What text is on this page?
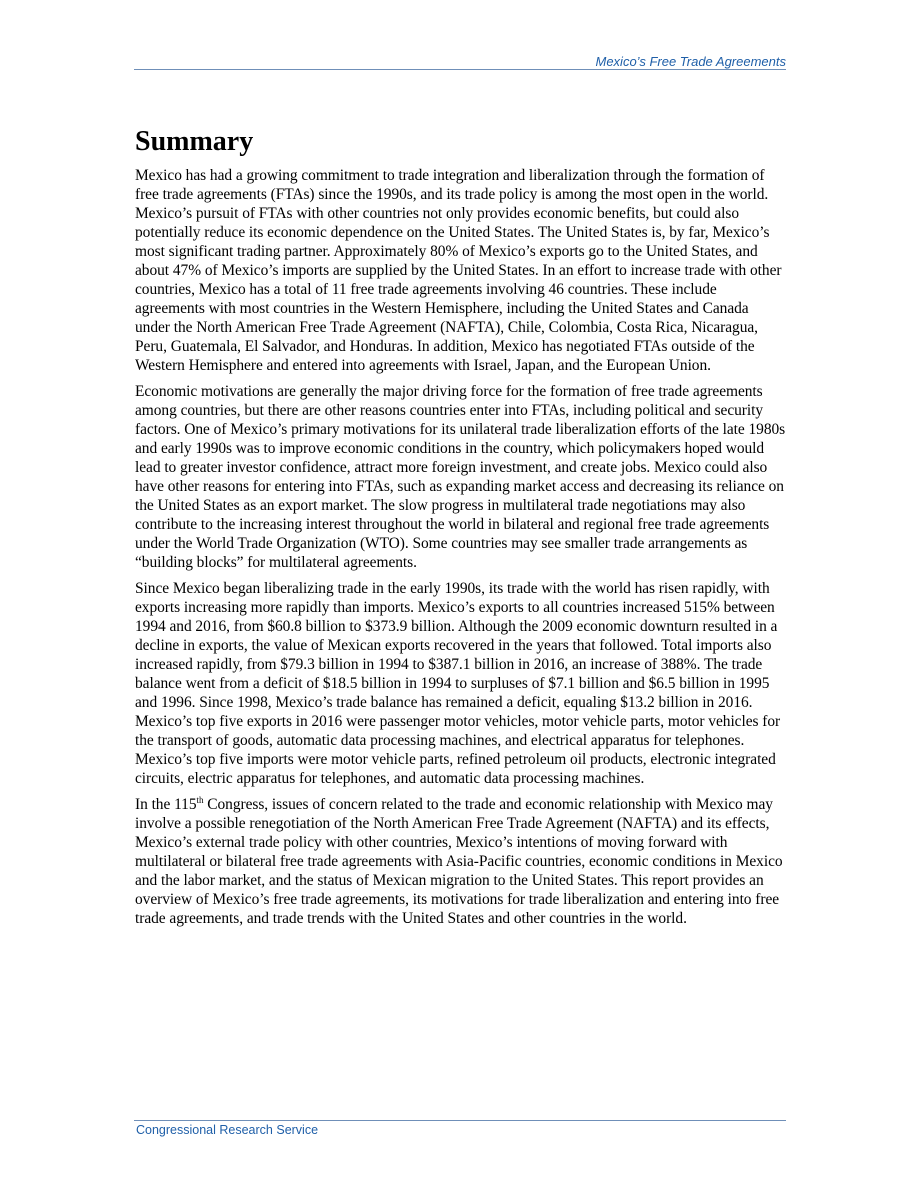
Mexico’s Free Trade Agreements
Summary

Mexico has had a growing commitment to trade integration and liberalization through the formation of free trade agreements (FTAs) since the 1990s, and its trade policy is among the most open in the world. Mexico’s pursuit of FTAs with other countries not only provides economic benefits, but could also potentially reduce its economic dependence on the United States. The United States is, by far, Mexico’s most significant trading partner. Approximately 80% of Mexico’s exports go to the United States, and about 47% of Mexico’s imports are supplied by the United States. In an effort to increase trade with other countries, Mexico has a total of 11 free trade agreements involving 46 countries. These include agreements with most countries in the Western Hemisphere, including the United States and Canada under the North American Free Trade Agreement (NAFTA), Chile, Colombia, Costa Rica, Nicaragua, Peru, Guatemala, El Salvador, and Honduras. In addition, Mexico has negotiated FTAs outside of the Western Hemisphere and entered into agreements with Israel, Japan, and the European Union.

Economic motivations are generally the major driving force for the formation of free trade agreements among countries, but there are other reasons countries enter into FTAs, including political and security factors. One of Mexico’s primary motivations for its unilateral trade liberalization efforts of the late 1980s and early 1990s was to improve economic conditions in the country, which policymakers hoped would lead to greater investor confidence, attract more foreign investment, and create jobs. Mexico could also have other reasons for entering into FTAs, such as expanding market access and decreasing its reliance on the United States as an export market. The slow progress in multilateral trade negotiations may also contribute to the increasing interest throughout the world in bilateral and regional free trade agreements under the World Trade Organization (WTO). Some countries may see smaller trade arrangements as “building blocks” for multilateral agreements.

Since Mexico began liberalizing trade in the early 1990s, its trade with the world has risen rapidly, with exports increasing more rapidly than imports. Mexico’s exports to all countries increased 515% between 1994 and 2016, from $60.8 billion to $373.9 billion. Although the 2009 economic downturn resulted in a decline in exports, the value of Mexican exports recovered in the years that followed. Total imports also increased rapidly, from $79.3 billion in 1994 to $387.1 billion in 2016, an increase of 388%. The trade balance went from a deficit of $18.5 billion in 1994 to surpluses of $7.1 billion and $6.5 billion in 1995 and 1996. Since 1998, Mexico’s trade balance has remained a deficit, equaling $13.2 billion in 2016. Mexico’s top five exports in 2016 were passenger motor vehicles, motor vehicle parts, motor vehicles for the transport of goods, automatic data processing machines, and electrical apparatus for telephones. Mexico’s top five imports were motor vehicle parts, refined petroleum oil products, electronic integrated circuits, electric apparatus for telephones, and automatic data processing machines.

In the 115th Congress, issues of concern related to the trade and economic relationship with Mexico may involve a possible renegotiation of the North American Free Trade Agreement (NAFTA) and its effects, Mexico’s external trade policy with other countries, Mexico’s intentions of moving forward with multilateral or bilateral free trade agreements with Asia-Pacific countries, economic conditions in Mexico and the labor market, and the status of Mexican migration to the United States. This report provides an overview of Mexico’s free trade agreements, its motivations for trade liberalization and entering into free trade agreements, and trade trends with the United States and other countries in the world.

Congressional Research Service
